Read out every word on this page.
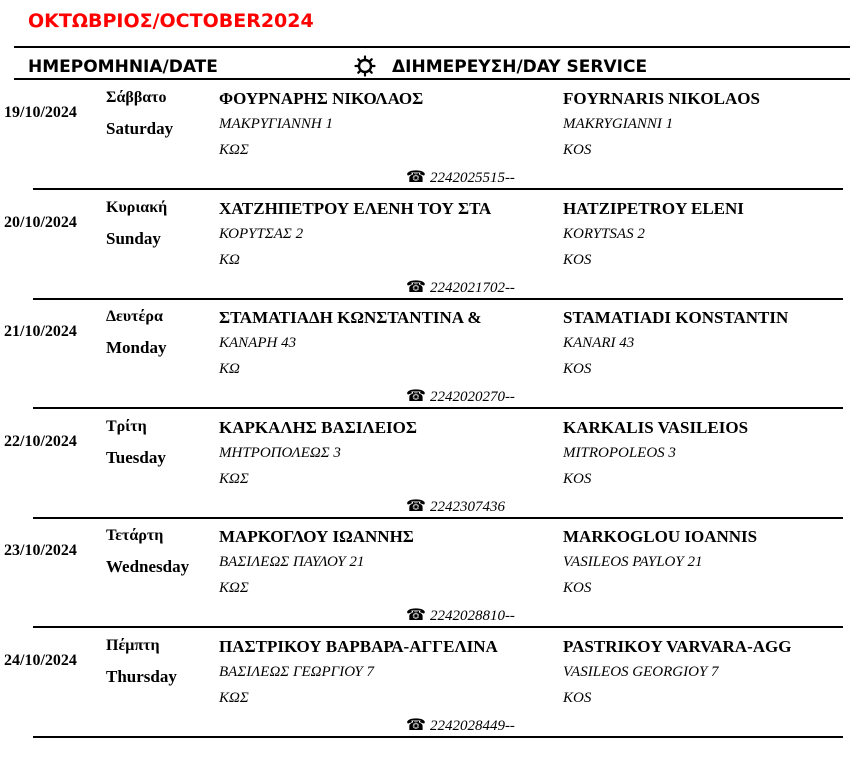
ΟΚΤΩΒΡΙΟΣ/OCTOBER2024
ΗΜΕΡΟΜΗΝΙΑ/DATE	ΔΙΗΜΕΡΕΥΣΗ/DAY SERVICE
19/10/2024
Σάββατο
Saturday
ΦΟΥΡΝΑΡΗΣ ΝΙΚΟΛΑΟΣ
ΜΑΚΡΥΓΙΑΝΝΗ 1
ΚΩΣ
FOYRNARIS NIKOLAOS
MAKRYGIANNI 1
KOS
☎ 2242025515--
20/10/2024
Κυριακή
Sunday
ΧΑΤΖΗΠΕΤΡΟΥ ΕΛΕΝΗ ΤΟΥ ΣΤΑ
ΚΟΡΥΤΣΑΣ 2
ΚΩ
HATZIPETROY ELENI
KORYTSAS 2
KOS
☎ 2242021702--
21/10/2024
Δευτέρα
Monday
ΣΤΑΜΑΤΙΑΔΗ ΚΩΝΣΤΑΝΤΙΝΑ &
ΚΑΝΑΡΗ 43
ΚΩ
STAMATIADI KONSTANTIN
KANARI 43
KOS
☎ 2242020270--
22/10/2024
Τρίτη
Tuesday
ΚΑΡΚΑΛΗΣ ΒΑΣΙΛΕΙΟΣ
ΜΗΤΡΟΠΟΛΕΩΣ 3
ΚΩΣ
KARKALIS VASILEIOS
MITROPOLEOS 3
KOS
☎ 2242307436
23/10/2024
Τετάρτη
Wednesday
ΜΑΡΚΟΓΛΟΥ ΙΩΑΝΝΗΣ
ΒΑΣΙΛΕΩΣ ΠΑΥΛΟΥ 21
ΚΩΣ
MARKOGLOU IOANNIS
VASILEOS PAYLOY 21
KOS
☎ 2242028810--
24/10/2024
Πέμπτη
Thursday
ΠΑΣΤΡΙΚΟΥ ΒΑΡΒΑΡΑ-ΑΓΓΕΛΙΝΑ
ΒΑΣΙΛΕΩΣ ΓΕΩΡΓΙΟΥ 7
ΚΩΣ
PASTRIKOY VARVARA-AGG
VASILEOS GEORGIOY 7
KOS
☎ 2242028449--
